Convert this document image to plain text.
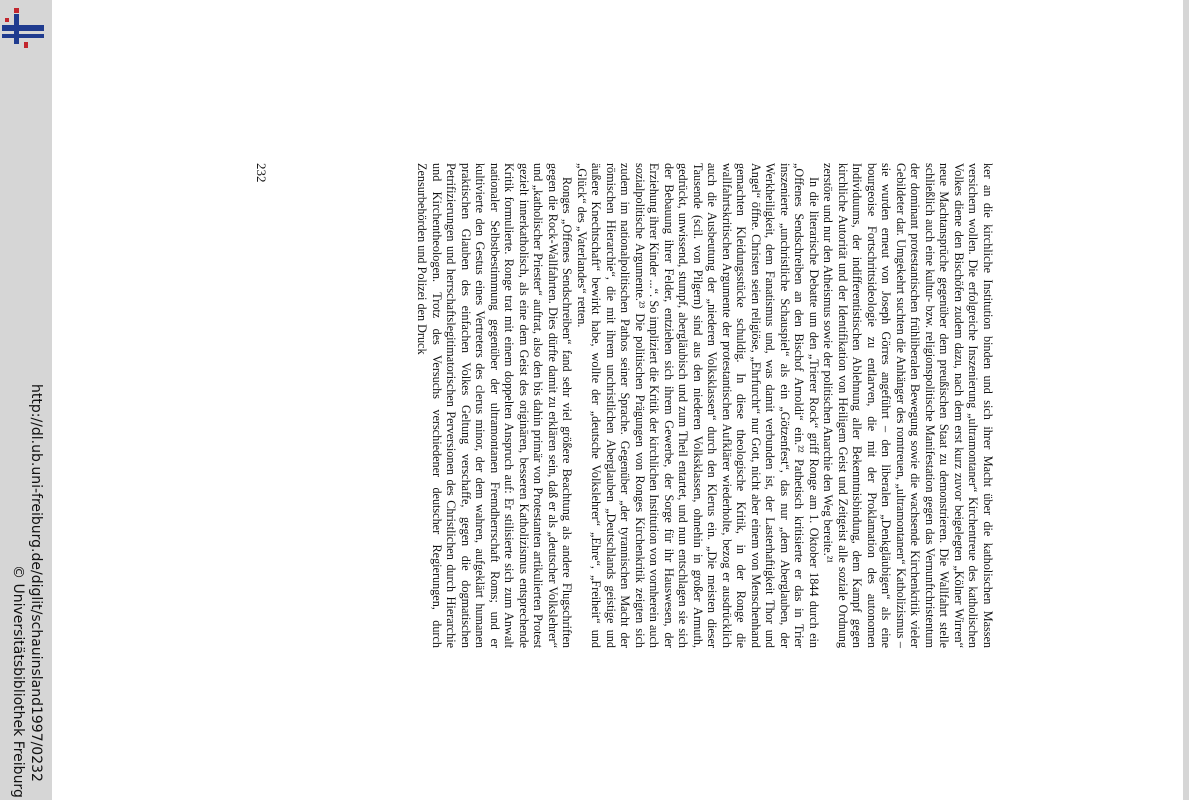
http://dl.ub.uni-freiburg.de/diglit/schauinsland1997/0232
© Universitätsbibliothek Freiburg

ker an die kirchliche Institution binden und sich ihrer Macht über die katholischen Massen versichern wollen. Die erfolgreiche Inszenierung „ultramontaner“ Kirchentreue des katholischen Volkes diene den Bischöfen zudem dazu, nach dem erst kurz zuvor beigelegten „Kölner Wirren“ neue Machtansprüche gegenüber dem preußischen Staat zu demonstrieren. Die Wallfahrt stelle schließlich auch eine kultur- bzw. religionspolitische Manifestation gegen das Vernunftchristentum der dominant protestantischen frühliberalen Bewegung sowie die wachsende Kirchenkritik vieler Gebildeter dar. Umgekehrt suchten die Anhänger des romtreuen, „ultramontanen“ Katholizismus – sie wurden erneut von Joseph Görres angeführt – den liberalen „Denkgläubigen“ als eine bourgeoise Fortschrittsideologie zu entlarven, die mit der Proklamation des autonomen Individuums, der indifferentistischen Ablehnung aller Bekenntnisbindung, dem Kampf gegen kirchliche Autorität und der Identifikation von Heiligem Geist und Zeitgeist alle soziale Ordnung zerstöre und nur den Atheismus sowie der politischen Anarchie den Weg bereite.²¹

In die literarische Debatte um den „Trierer Rock“ griff Ronge am 1. Oktober 1844 durch ein „Offenes Sendschreiben an den Bischof Arnoldi“ ein.²² Pathetisch kritisierte er das in Trier inszenierte „unchristliche Schauspiel“ als ein „Götzenfest“, das nur „dem Aberglauben, der Werkheiligkeit, dem Fanatismus und, was damit verbunden ist, der Lasterhaftigkeit Thor und Angel“ öffne. Christen seien religiöse, „Ehrfurcht“ nur Gott, nicht aber einem von Menschenhand gemachten Kleidungsstücke schuldig. In diese theologische Kritik, in der Ronge die wallfahrtskritischen Argumente der protestantischen Aufklärer wiederholte, bezog er ausdrücklich auch die Ausbeutung der „niederen Volksklassen“ durch den Klerus ein. „Die meisten dieser Tausende (scil. von Pilgern) sind aus den niederen Volksklassen, ohnehin in großer Armuth, gedrückt, unwissend, stumpf, abergläubisch und zum Theil entartet, und nun entschlagen sie sich der Bebauung ihrer Felder, entziehen sich ihrem Gewerbe, der Sorge für ihr Hauswesen, der Erziehung ihrer Kinder ...“. So impliziert die Kritik der kirchlichen Institution von vornherein auch sozialpolitische Argumente.²³ Die politischen Prägungen von Ronges Kirchenkritik zeigten sich zudem im nationalpolitischen Pathos seiner Sprache. Gegenüber „der tyrannischen Macht der römischen Hierarchie“, die mit ihrem unchristlichen Aberglauben „Deutschlands geistige und äußere Knechtschaft“ bewirkt habe, wollte der „deutsche Volkslehrer“ „Ehre“, „Freiheit“ und „Glück“ des „Vaterlandes“ retten.

Ronges „Offenes Sendschreiben“ fand sehr viel größere Beachtung als andere Flugschriften gegen die Rock-Wallfahrten. Dies dürfte damit zu erklären sein, daß er als „deutscher Volkslehrer“ und „katholischer Priester“ auftrat, also den bis dahin primär von Protestanten artikulierten Protest gezielt innerkatholisch, als eine dem Geist des originären, besseren Katholizismus entsprechende Kritik formulierte. Ronge trat mit einem doppelten Anspruch auf: Er stilisierte sich zum Anwalt nationaler Selbstbestimmung gegenüber der ultramontanen Fremdherrschaft Roms; und er kultivierte den Gestus eines Vertreters des clerus minor, der dem wahren, aufgeklärt humanen praktischen Glauben des einfachen Volkes Geltung verschaffe, gegen die dogmatischen Petrifizierungen und herrschaftslegitimatorischen Perversionen des Christlichen durch Hierarchie und Kirchentheologen. Trotz des Versuchs verschiedener deutscher Regierungen, durch Zensurbehörden und Polizei den Druck

232
